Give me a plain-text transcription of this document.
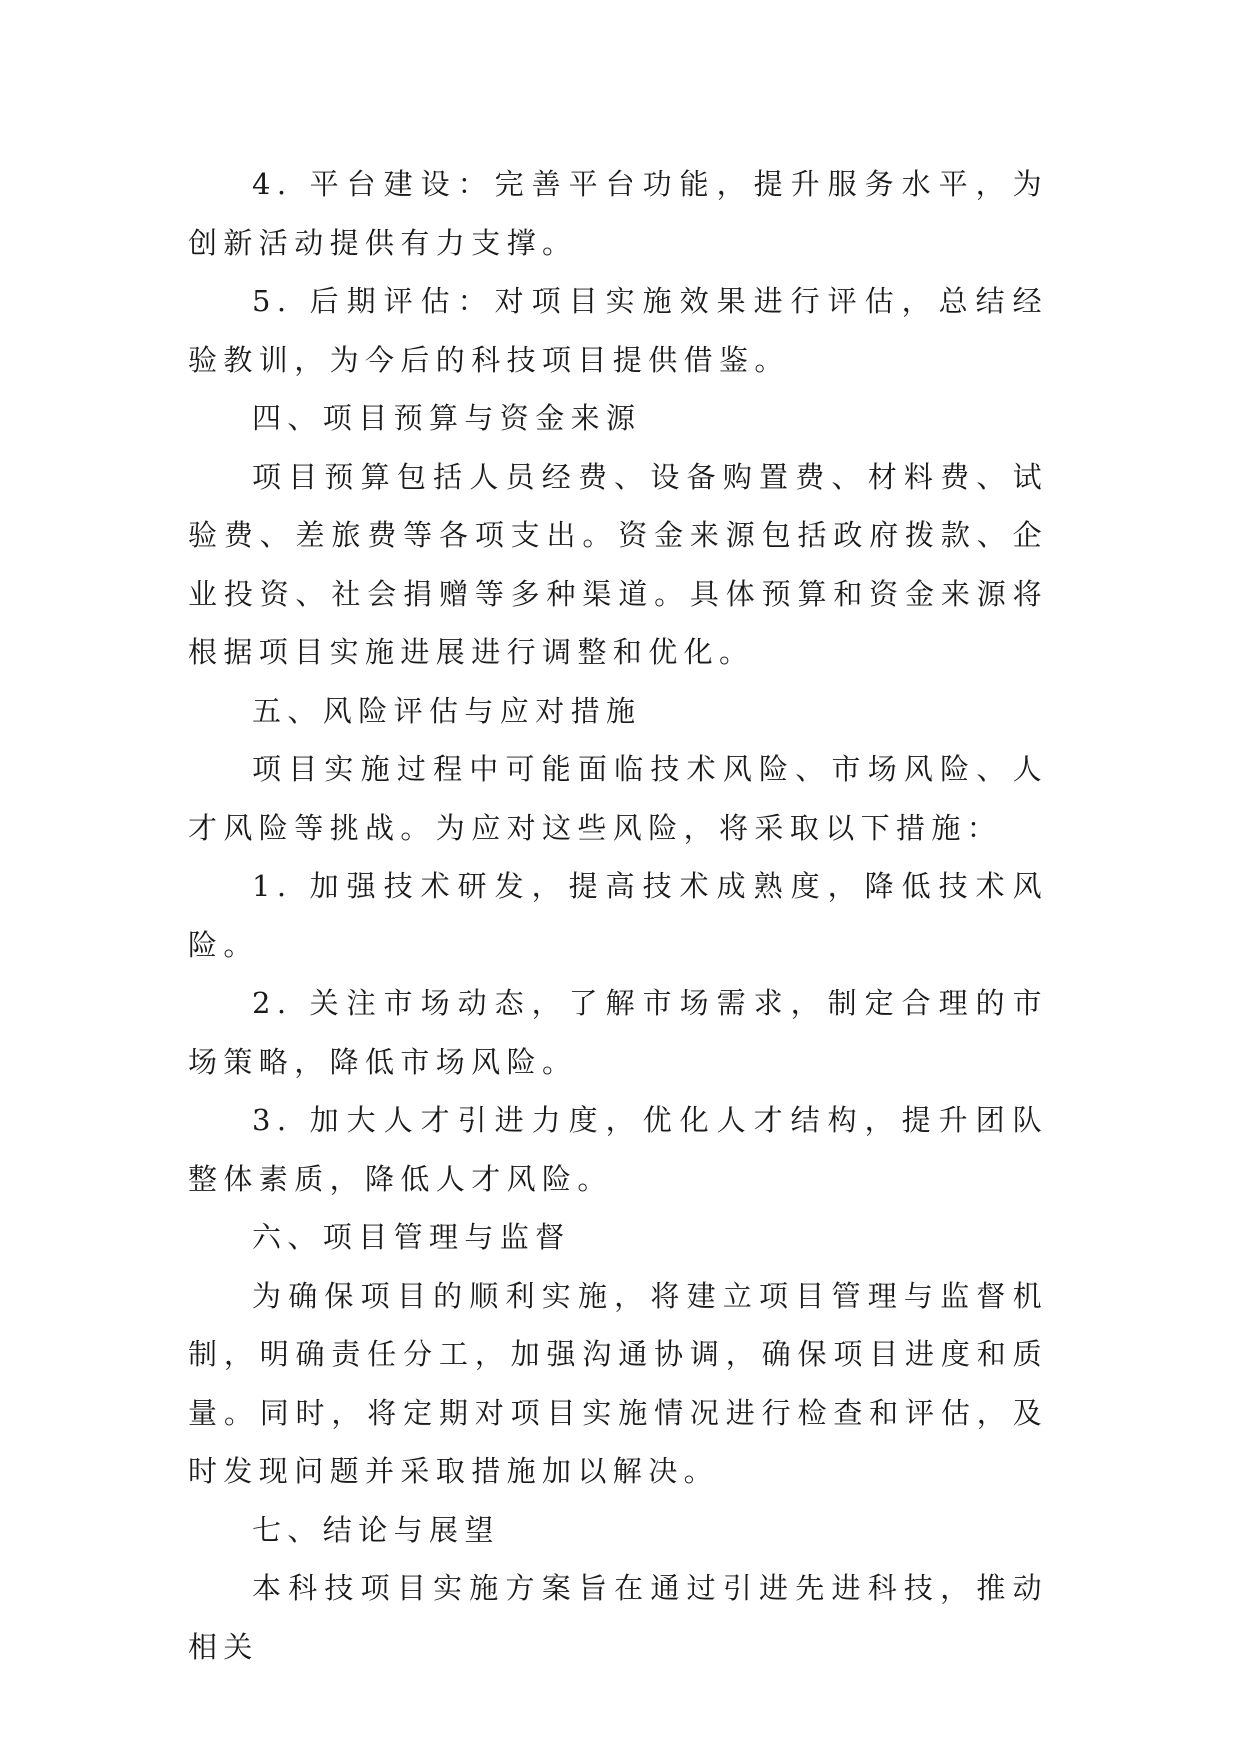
4. 平台建设：完善平台功能，提升服务水平，为创新活动提供有力支撑。

5. 后期评估：对项目实施效果进行评估，总结经验教训，为今后的科技项目提供借鉴。

四、项目预算与资金来源

项目预算包括人员经费、设备购置费、材料费、试验费、差旅费等各项支出。资金来源包括政府拨款、企业投资、社会捐赠等多种渠道。具体预算和资金来源将根据项目实施进展进行调整和优化。

五、风险评估与应对措施

项目实施过程中可能面临技术风险、市场风险、人才风险等挑战。为应对这些风险，将采取以下措施：

1. 加强技术研发，提高技术成熟度，降低技术风险。

2. 关注市场动态，了解市场需求，制定合理的市场策略，降低市场风险。

3. 加大人才引进力度，优化人才结构，提升团队整体素质，降低人才风险。

六、项目管理与监督

为确保项目的顺利实施，将建立项目管理与监督机制，明确责任分工，加强沟通协调，确保项目进度和质量。同时，将定期对项目实施情况进行检查和评估，及时发现问题并采取措施加以解决。

七、结论与展望

本科技项目实施方案旨在通过引进先进科技，推动相关
